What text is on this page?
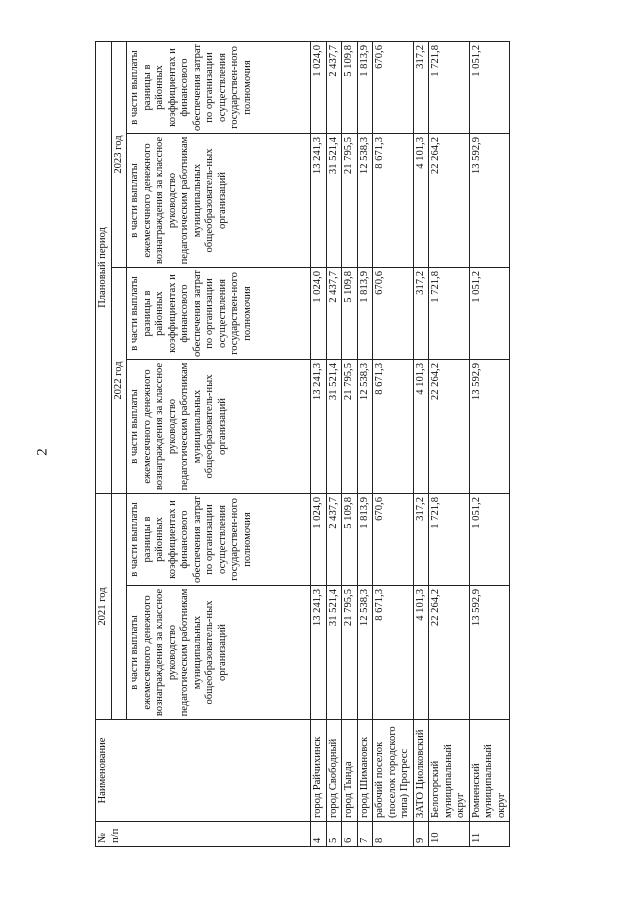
2
№ п/п	Наименование	2021 год		Плановый период			
				2022 год		2023 год	
		в части выплаты ежемесячного денежного вознаграждения за классное руководство педагогическим работникам муниципальных общеобразователь-ных организаций	в части выплаты разницы в районных коэффициентах и финансового обеспечения затрат по организации осуществления государствен-ного полномочия	в части выплаты ежемесячного денежного вознаграждения за классное руководство педагогическим работникам муниципальных общеобразователь-ных организаций	в части выплаты разницы в районных коэффициентах и финансового обеспечения затрат по организации осуществления государствен-ного полномочия	в части выплаты ежемесячного денежного вознаграждения за классное руководство педагогическим работникам муниципальных общеобразователь-ных организаций	в части выплаты разницы в районных коэффициентах и финансового обеспечения затрат по организации осуществления государствен-ного полномочия
4	город Райчихинск	13 241,3	1 024,0	13 241,3	1 024,0	13 241,3	1 024,0
5	город Свободный	31 521,4	2 437,7	31 521,4	2 437,7	31 521,4	2 437,7
6	город Тында	21 795,5	5 109,8	21 795,5	5 109,8	21 795,5	5 109,8
7	город Шимановск	12 538,3	1 813,9	12 538,3	1 813,9	12 538,3	1 813,9
8	рабочий поселок (поселок городского типа) Прогресс	8 671,3	670,6	8 671,3	670,6	8 671,3	670,6
9	ЗАТО Циолковский	4 101,3	317,2	4 101,3	317,2	4 101,3	317,2
10	Белогорский муниципальный округ	22 264,2	1 721,8	22 264,2	1 721,8	22 264,2	1 721,8
11	Ромненский муниципальный округ	13 592,9	1 051,2	13 592,9	1 051,2	13 592,9	1 051,2
